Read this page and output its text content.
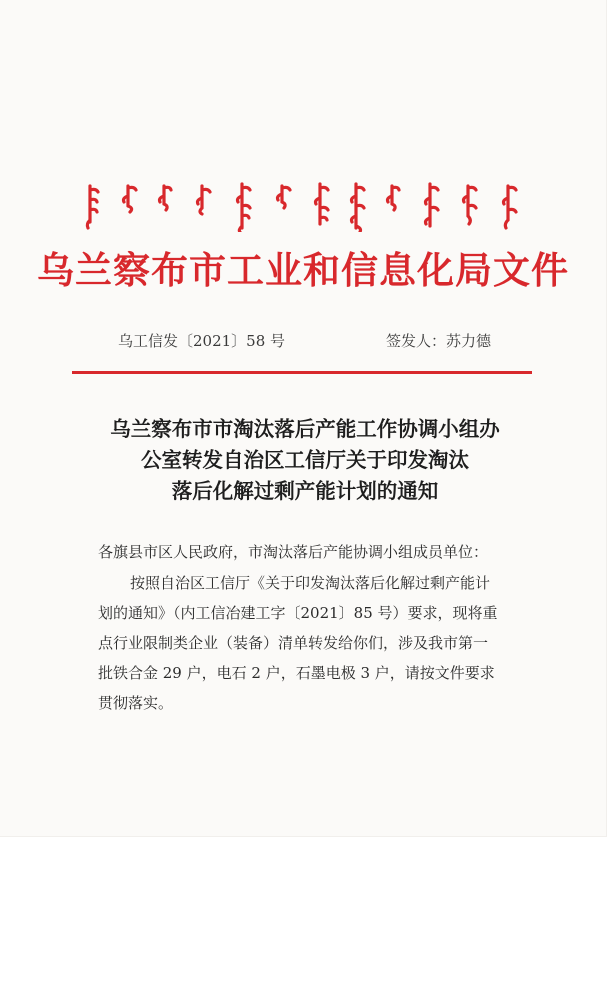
乌兰察布市工业和信息化局文件
乌工信发〔2021〕58 号	签发人：苏力德
乌兰察布市市淘汰落后产能工作协调小组办
公室转发自治区工信厅关于印发淘汰
落后化解过剩产能计划的通知
各旗县市区人民政府，市淘汰落后产能协调小组成员单位：
按照自治区工信厅《关于印发淘汰落后化解过剩产能计
划的通知》（内工信冶建工字〔2021〕85 号）要求，现将重
点行业限制类企业（装备）清单转发给你们，涉及我市第一
批铁合金 29 户，电石 2 户，石墨电极 3 户，请按文件要求
贯彻落实。
